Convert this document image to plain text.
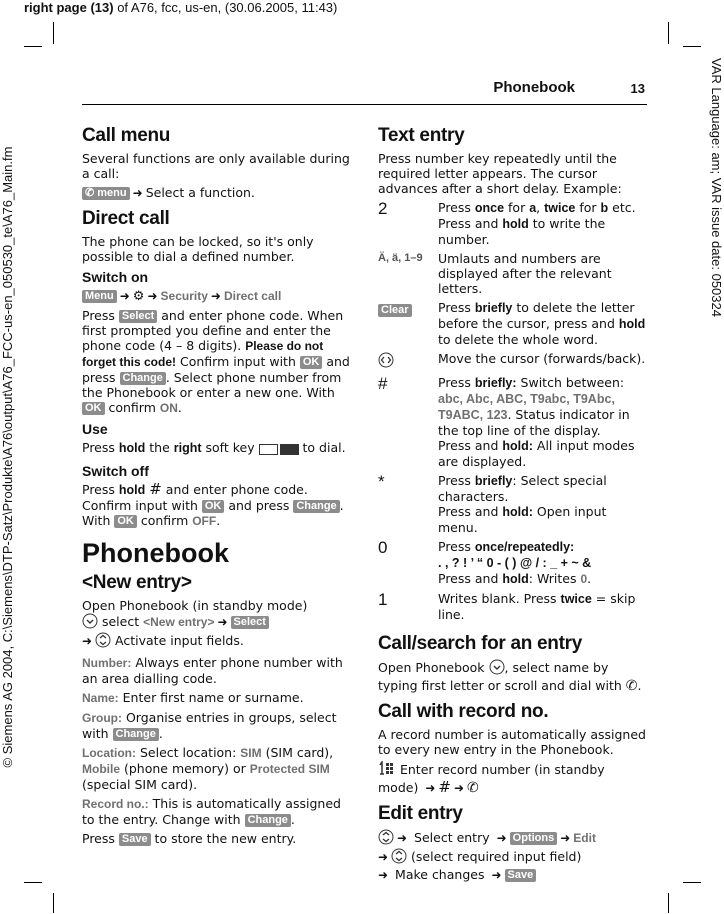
right page (13) of A76, fcc, us-en, (30.06.2005, 11:43)
© Siemens AG 2004, C:\Siemens\DTP-Satz\Produkte\A76\output\A76_FCC-us-en_050530_te\A76_Main.fm	VAR Language: am; VAR issue date: 050324
Phonebook	13
Call menu

Several functions are only available during a call:

✆ menu ➜ Select a function.

Direct call

The phone can be locked, so it's only possible to dial a defined number.

Switch on

Menu ➜ ⚙ ➜ Security ➜ Direct call

Press Select and enter phone code. When first prompted you define and enter the phone code (4 – 8 digits). Please do not forget this code! Confirm input with OK and press Change . Select phone number from the Phonebook or enter a new one. With OK confirm ON.

Use

Press hold the right soft key	to dial.

Switch off

Press hold # and enter phone code. Confirm input with OK and press Change . With OK confirm OFF.

Phonebook
<New entry>

Open Phonebook (in standby mode)
select <New entry> ➜ Select
➜ Activate input fields.

Number: Always enter phone number with an area dialling code.

Name: Enter first name or surname.

Group: Organise entries in groups, select with Change .

Location: Select location: SIM (SIM card), Mobile (phone memory) or Protected SIM (special SIM card).

Record no.: This is automatically assigned to the entry. Change with Change .

Press Save to store the new entry.

Text entry

Press number key repeatedly until the required letter appears. The cursor advances after a short delay. Example:

2	Press once for a, twice for b etc. Press and hold to write the number.
Ä, ä, 1–9	Umlauts and numbers are displayed after the relevant letters.
Clear	Press briefly to delete the letter before the cursor, press and hold to delete the whole word.
	Move the cursor (forwards/back).
#	Press briefly: Switch between: abc, Abc, ABC, T9abc, T9Abc, T9ABC, 123. Status indicator in the top line of the display.
Press and hold: All input modes are displayed.
*	Press briefly: Select special characters.
Press and hold: Open input menu.
0	Press once/repeatedly:
. , ? ! ’ “ 0 - ( ) @ / : _ + ~ &
Press and hold: Writes 0.
1	Writes blank. Press twice = skip line.
Call/search for an entry

Open Phonebook , select name by typing first letter or scroll and dial with ✆.

Call with record no.

A record number is automatically assigned to every new entry in the Phonebook.

Enter record number (in standby mode) ➜ # ➜ ✆

Edit entry

➜ Select entry ➜ Options ➜ Edit
➜ (select required input field)
➜ Make changes ➜ Save
